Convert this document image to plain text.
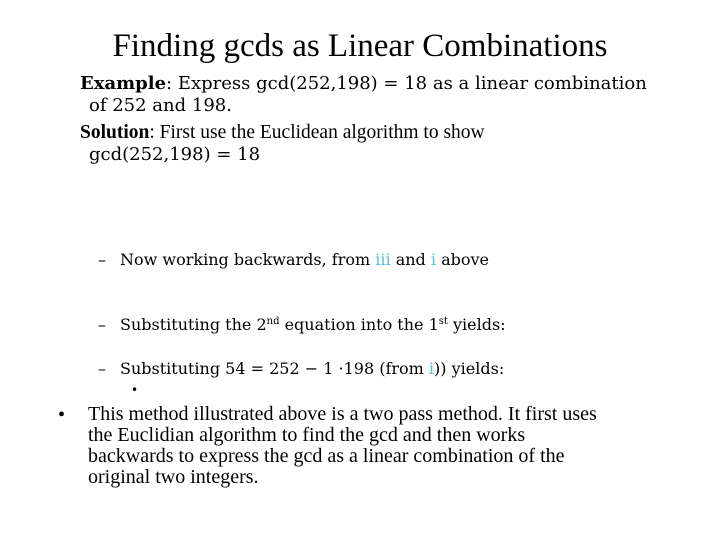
Finding gcds as Linear Combinations
Example: Express gcd(252,198) = 18 as a linear combination
of 252 and 198.
Solution: First use the Euclidean algorithm to show
gcd(252,198) = 18
– Now working backwards, from iii and i above
– Substituting the 2nd equation into the 1st yields:
– Substituting 54 = 252 − 1 ·198 (from i)) yields:
•
• This method illustrated above is a two pass method. It first uses
the Euclidian algorithm to find the gcd and then works
backwards to express the gcd as a linear combination of the
original two integers.
